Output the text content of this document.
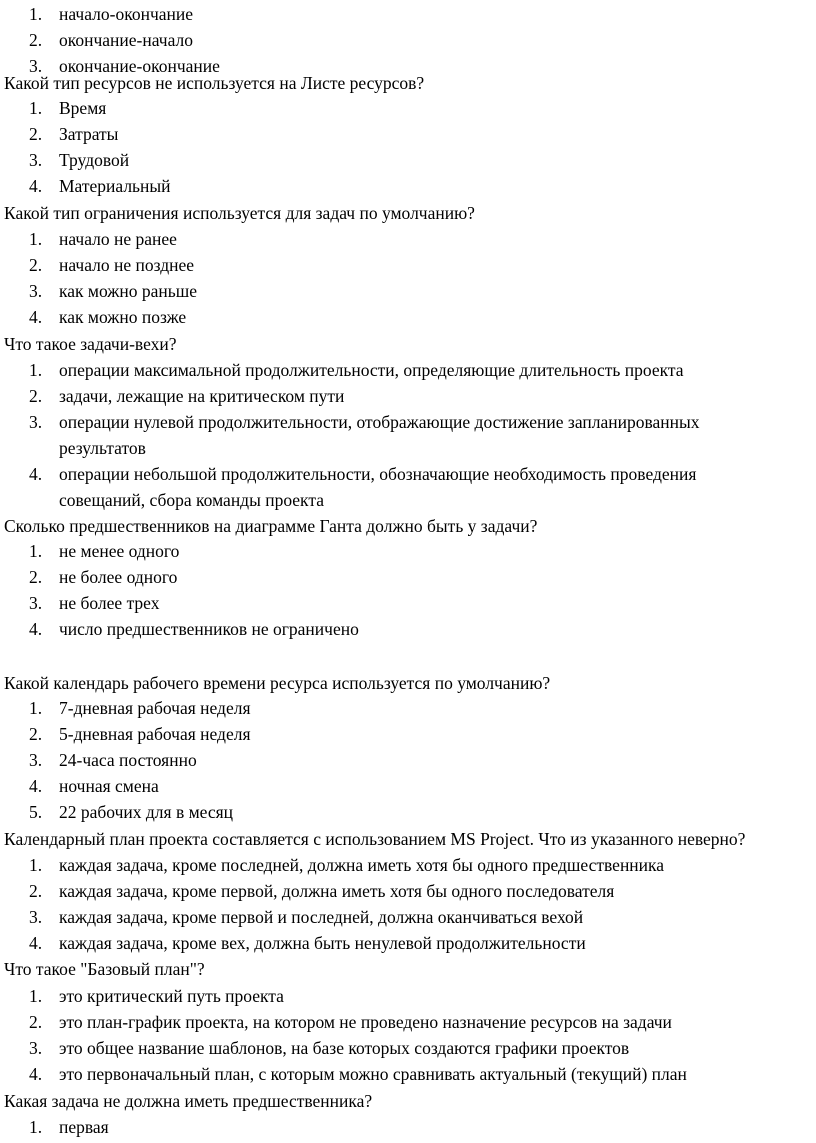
1. начало-окончание
2. окончание-начало
3. окончание-окончание
Какой тип ресурсов не используется на Листе ресурсов?
1. Время
2. Затраты
3. Трудовой
4. Материальный
Какой тип ограничения используется для задач по умолчанию?
1. начало не ранее
2. начало не позднее
3. как можно раньше
4. как можно позже
Что такое задачи-вехи?
1. операции максимальной продолжительности, определяющие длительность проекта
2. задачи, лежащие на критическом пути
3. операции нулевой продолжительности, отображающие достижение запланированных
результатов
4. операции небольшой продолжительности, обозначающие необходимость проведения
совещаний, сбора команды проекта
Сколько предшественников на диаграмме Ганта должно быть у задачи?
1. не менее одного
2. не более одного
3. не более трех
4. число предшественников не ограничено
Какой календарь рабочего времени ресурса используется по умолчанию?
1. 7-дневная рабочая неделя
2. 5-дневная рабочая неделя
3. 24-часа постоянно
4. ночная смена
5. 22 рабочих для в месяц
Календарный план проекта составляется с использованием MS Project. Что из указанного неверно?
1. каждая задача, кроме последней, должна иметь хотя бы одного предшественника
2. каждая задача, кроме первой, должна иметь хотя бы одного последователя
3. каждая задача, кроме первой и последней, должна оканчиваться вехой
4. каждая задача, кроме вех, должна быть ненулевой продолжительности
Что такое "Базовый план"?
1. это критический путь проекта
2. это план-график проекта, на котором не проведено назначение ресурсов на задачи
3. это общее название шаблонов, на базе которых создаются графики проектов
4. это первоначальный план, с которым можно сравнивать актуальный (текущий) план
Какая задача не должна иметь предшественника?
1. первая
